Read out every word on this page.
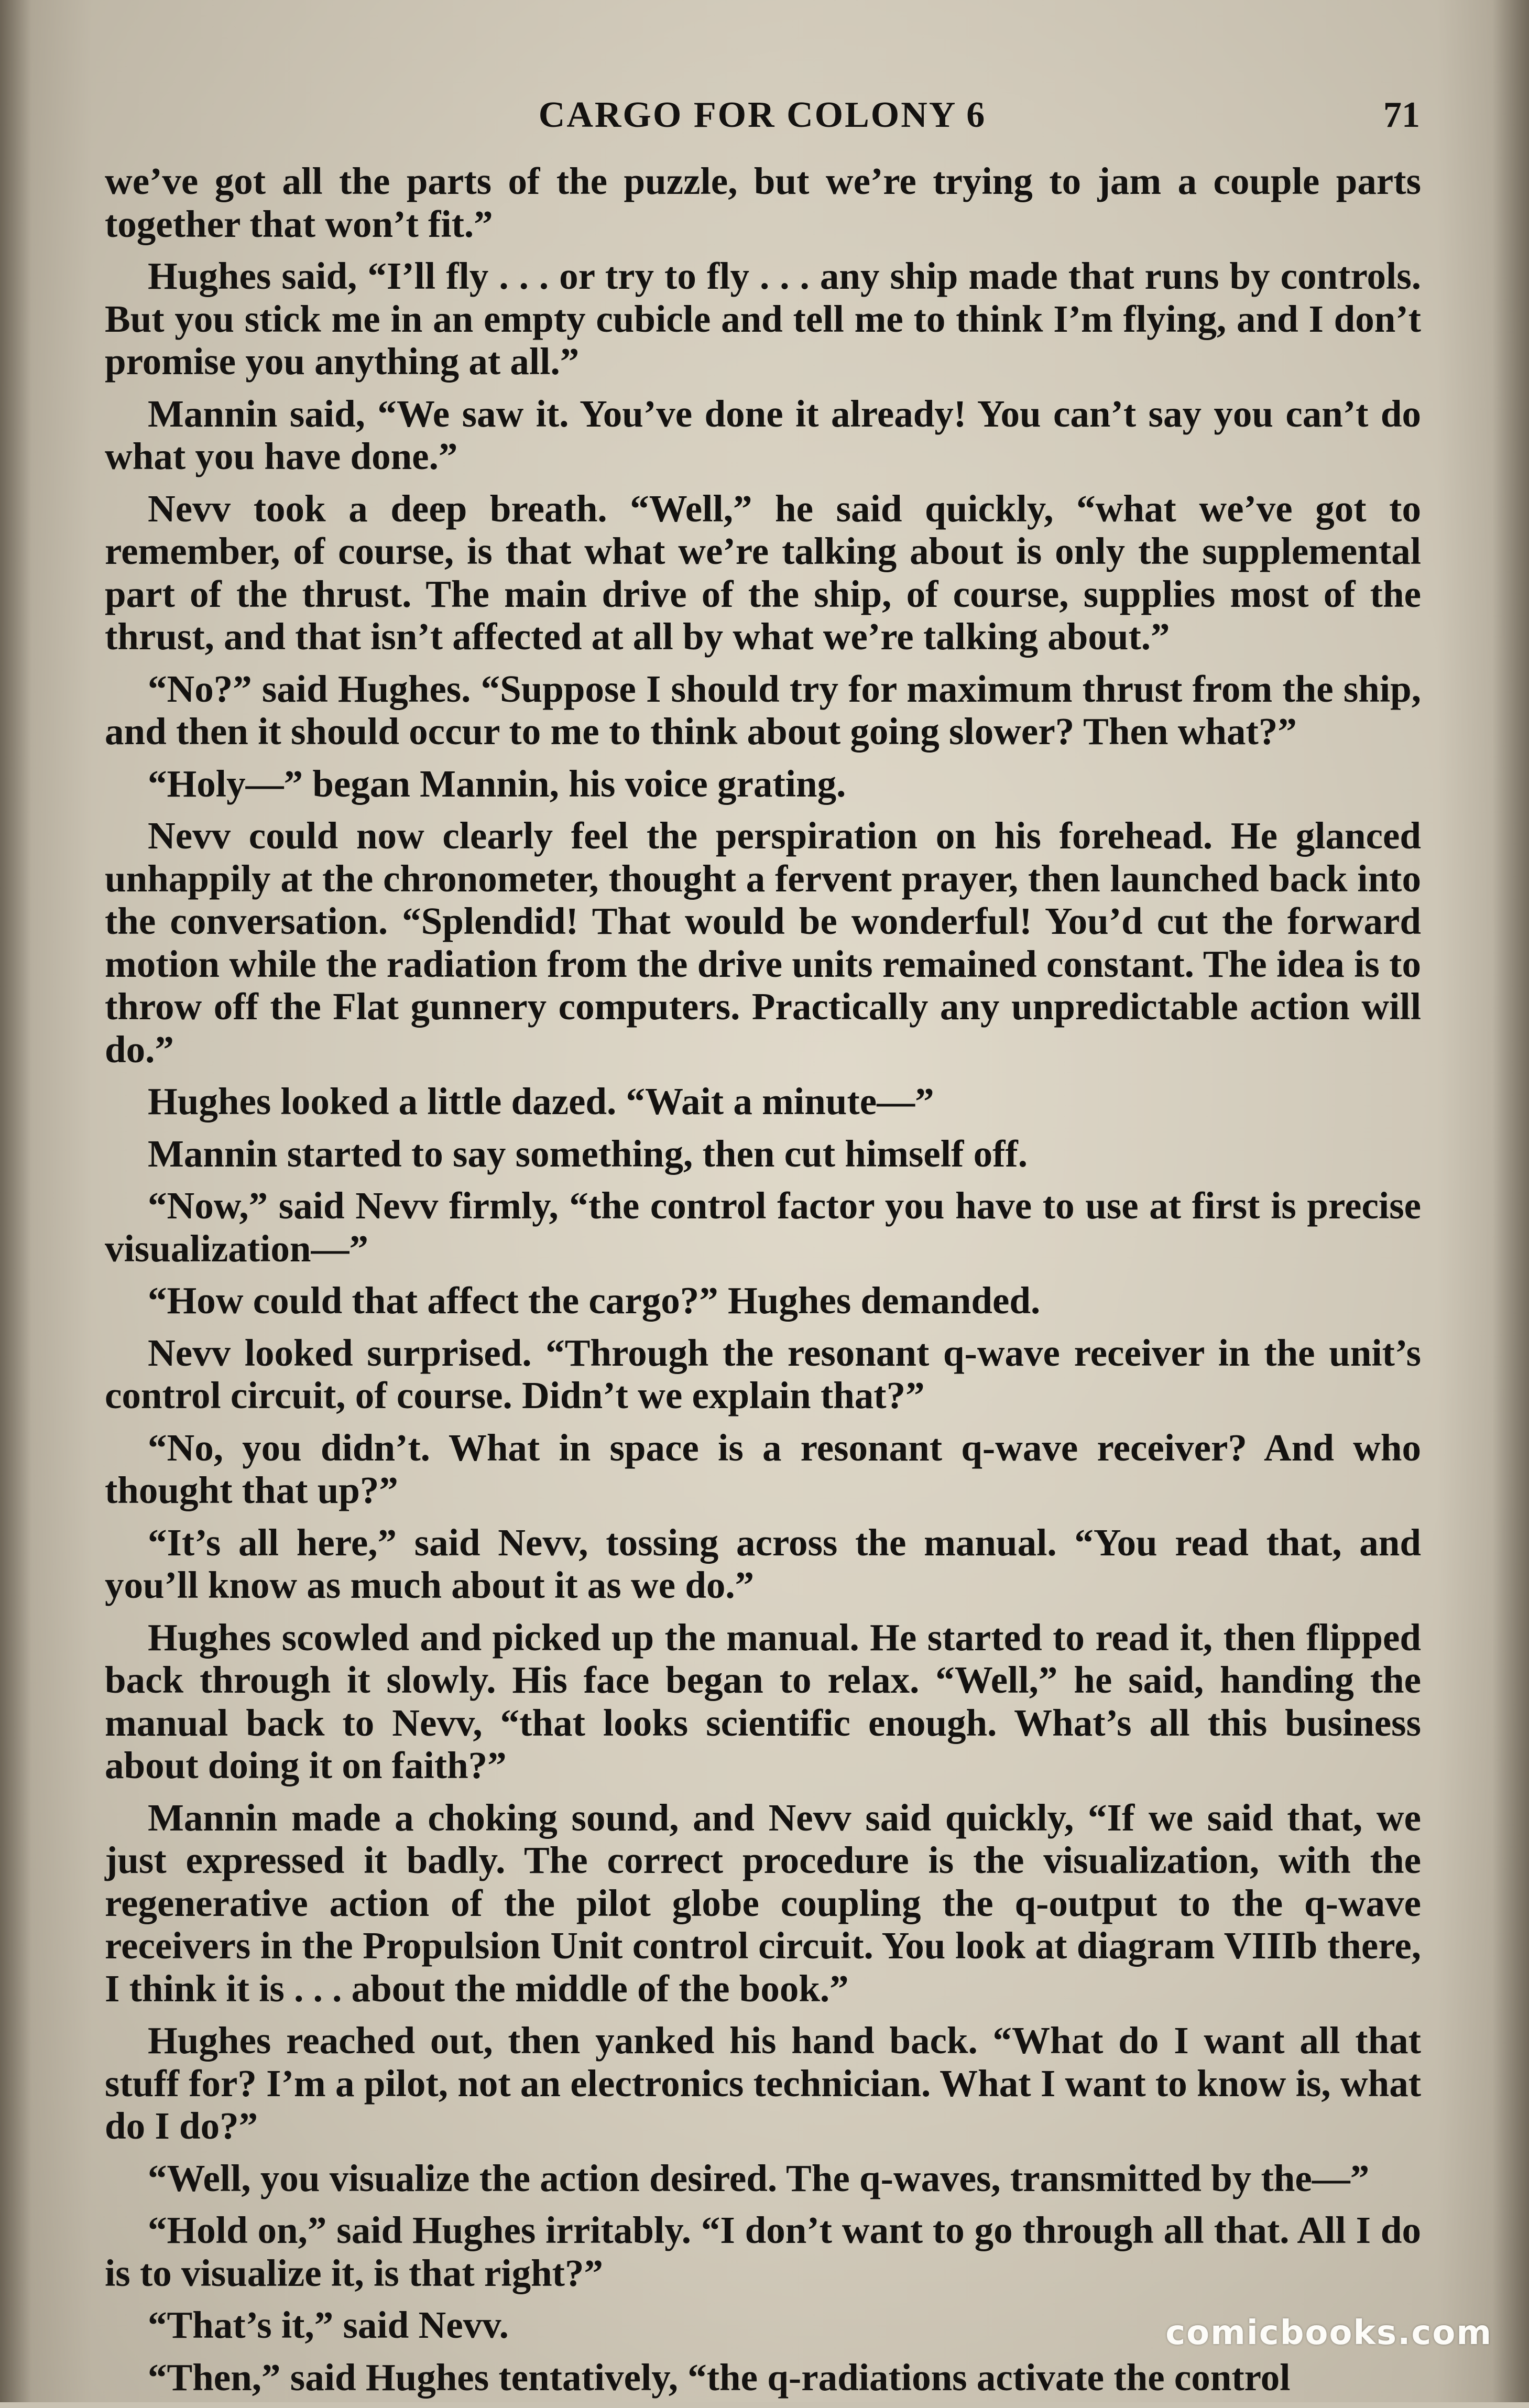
CARGO FOR COLONY 6	71

we’ve got all the parts of the puzzle, but we’re trying to jam a couple parts together that won’t fit.”

Hughes said, “I’ll fly . . . or try to fly . . . any ship made that runs by controls. But you stick me in an empty cubicle and tell me to think I’m flying, and I don’t promise you anything at all.”

Mannin said, “We saw it. You’ve done it already! You can’t say you can’t do what you have done.”

Nevv took a deep breath. “Well,” he said quickly, “what we’ve got to remember, of course, is that what we’re talking about is only the supplemental part of the thrust. The main drive of the ship, of course, supplies most of the thrust, and that isn’t affected at all by what we’re talking about.”

“No?” said Hughes. “Suppose I should try for maximum thrust from the ship, and then it should occur to me to think about going slower? Then what?”

“Holy—” began Mannin, his voice grating.

Nevv could now clearly feel the perspiration on his forehead. He glanced unhappily at the chronometer, thought a fervent prayer, then launched back into the conversation. “Splendid! That would be wonderful! You’d cut the forward motion while the radiation from the drive units remained constant. The idea is to throw off the Flat gunnery computers. Practically any unpredictable action will do.”

Hughes looked a little dazed. “Wait a minute—”

Mannin started to say something, then cut himself off.

“Now,” said Nevv firmly, “the control factor you have to use at first is precise visualization—”

“How could that affect the cargo?” Hughes demanded.

Nevv looked surprised. “Through the resonant q-wave receiver in the unit’s control circuit, of course. Didn’t we explain that?”

“No, you didn’t. What in space is a resonant q-wave receiver? And who thought that up?”

“It’s all here,” said Nevv, tossing across the manual. “You read that, and you’ll know as much about it as we do.”

Hughes scowled and picked up the manual. He started to read it, then flipped back through it slowly. His face began to relax. “Well,” he said, handing the manual back to Nevv, “that looks scientific enough. What’s all this business about doing it on faith?”

Mannin made a choking sound, and Nevv said quickly, “If we said that, we just expressed it badly. The correct procedure is the visualization, with the regenerative action of the pilot globe coupling the q-output to the q-wave receivers in the Propulsion Unit control circuit. You look at diagram VIIIb there, I think it is . . . about the middle of the book.”

Hughes reached out, then yanked his hand back. “What do I want all that stuff for? I’m a pilot, not an electronics technician. What I want to know is, what do I do?”

“Well, you visualize the action desired. The q-waves, transmitted by the—”

“Hold on,” said Hughes irritably. “I don’t want to go through all that. All I do is to visualize it, is that right?”

“That’s it,” said Nevv.

“Then,” said Hughes tentatively, “the q-radiations activate the control

comicbooks.com
